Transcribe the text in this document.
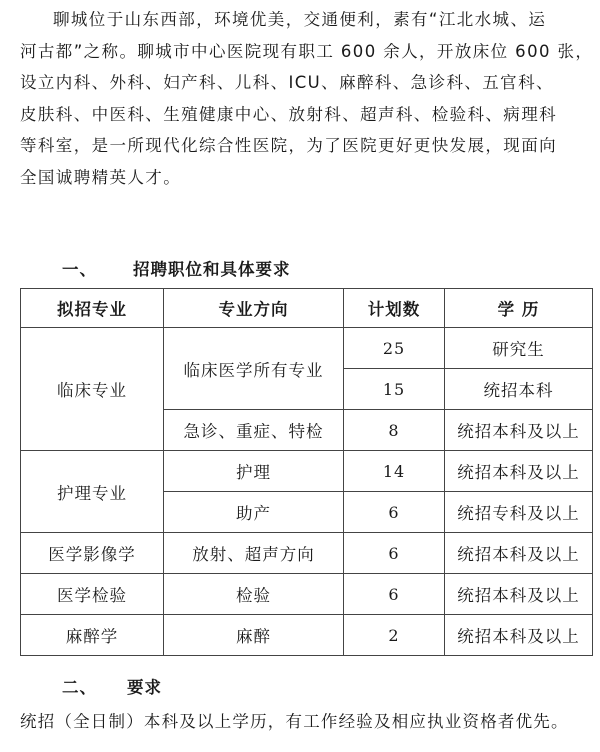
聊城位于山东西部，环境优美，交通便利，素有“江北水城、运
河古都”之称。聊城市中心医院现有职工 600 余人，开放床位 600 张，
设立内科、外科、妇产科、儿科、ICU、麻醉科、急诊科、五官科、
皮肤科、中医科、生殖健康中心、放射科、超声科、检验科、病理科
等科室，是一所现代化综合性医院，为了医院更好更快发展，现面向
全国诚聘精英人才。
一、 招聘职位和具体要求
拟招专业	专业方向	计划数	学 历
临床专业	临床医学所有专业	25	研究生
		15	统招本科
	急诊、重症、特检	8	统招本科及以上
护理专业	护理	14	统招本科及以上
	助产	6	统招专科及以上
医学影像学	放射、超声方向	6	统招本科及以上
医学检验	检验	6	统招本科及以上
麻醉学	麻醉	2	统招本科及以上
二、 要求
统招（全日制）本科及以上学历，有工作经验及相应执业资格者优先。
